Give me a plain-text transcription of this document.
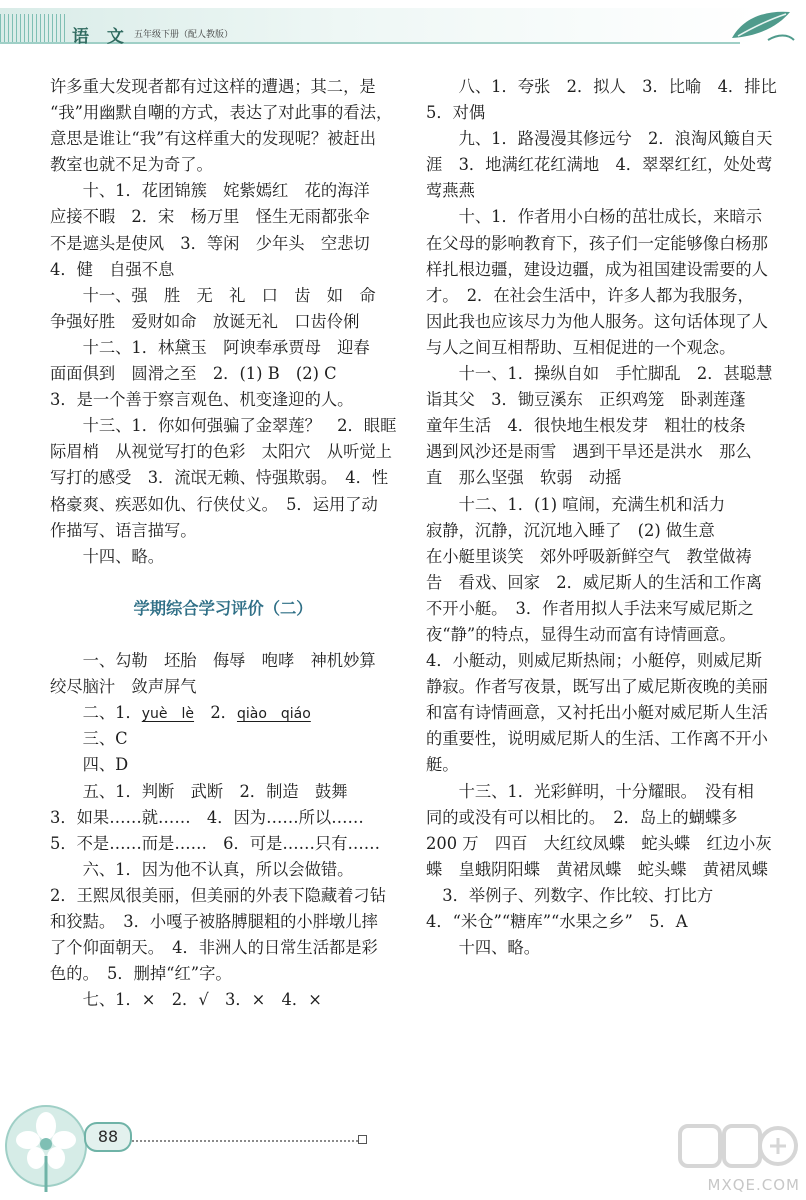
语 文 五年级下册（配人教版）
许多重大发现者都有过这样的遭遇；其二，是
“我”用幽默自嘲的方式，表达了对此事的看法，
意思是谁让“我”有这样重大的发现呢？被赶出
教室也就不足为奇了。
　　十、1．花团锦簇　姹紫嫣红　花的海洋
应接不暇　2．宋　杨万里　怪生无雨都张伞
不是遮头是使风　3．等闲　少年头　空悲切
4．健　自强不息
　　十一、强　胜　无　礼　口　齿　如　命
争强好胜　爱财如命　放诞无礼　口齿伶俐
　　十二、1．林黛玉　阿谀奉承贾母　迎春
面面俱到　圆滑之至　2．(1) B　(2) C
3．是一个善于察言观色、机变逢迎的人。
　　十三、1．你如何强骗了金翠莲？　2．眼眶
际眉梢　从视觉写打的色彩　太阳穴　从听觉上
写打的感受　3．流氓无赖、恃强欺弱。　4．性
格豪爽、疾恶如仇、行侠仗义。　5．运用了动
作描写、语言描写。
　　十四、略。
学期综合学习评价（二）
　　一、勾勒　坯胎　侮辱　咆哮　神机妙算
绞尽脑汁　敛声屏气
　　二、1．yuè　lè　2．qiào　qiáo
　　三、C
　　四、D
　　五、1．判断　武断　2．制造　鼓舞
3．如果……就……　4．因为……所以……
5．不是……而是……　6．可是……只有……
　　六、1．因为他不认真，所以会做错。
2．王熙凤很美丽，但美丽的外表下隐藏着刁钻
和狡黠。　3．小嘎子被胳膊腿粗的小胖墩儿摔
了个仰面朝天。　4．非洲人的日常生活都是彩
色的。　5．删掉“红”字。
　　七、1．×　2．√　3．×　4．×
　　八、1．夸张　2．拟人　3．比喻　4．排比
5．对偶
　　九、1．路漫漫其修远兮　2．浪淘风簸自天
涯　3．地满红花红满地　4．翠翠红红，处处莺
莺燕燕
　　十、1．作者用小白杨的茁壮成长，来暗示
在父母的影响教育下，孩子们一定能够像白杨那
样扎根边疆，建设边疆，成为祖国建设需要的人
才。　2．在社会生活中，许多人都为我服务，
因此我也应该尽力为他人服务。这句话体现了人
与人之间互相帮助、互相促进的一个观念。
　　十一、1．操纵自如　手忙脚乱　2．甚聪慧
诣其父　3．锄豆溪东　正织鸡笼　卧剥莲蓬
童年生活　4．很快地生根发芽　粗壮的枝条
遇到风沙还是雨雪　遇到干旱还是洪水　那么
直　那么坚强　软弱　动摇
　　十二、1．(1) 喧闹，充满生机和活力
寂静，沉静，沉沉地入睡了　(2) 做生意
在小艇里谈笑　郊外呼吸新鲜空气　教堂做祷
告　看戏、回家　2．威尼斯人的生活和工作离
不开小艇。　3．作者用拟人手法来写威尼斯之
夜“静”的特点，显得生动而富有诗情画意。
4．小艇动，则威尼斯热闹；小艇停，则威尼斯
静寂。作者写夜景，既写出了威尼斯夜晚的美丽
和富有诗情画意，又衬托出小艇对威尼斯人生活
的重要性，说明威尼斯人的生活、工作离不开小
艇。
　　十三、1．光彩鲜明，十分耀眼。　没有相
同的或没有可以相比的。　2．岛上的蝴蝶多
200 万　四百　大红纹凤蝶　蛇头蝶　红边小灰
蝶　皇蛾阴阳蝶　黄裙凤蝶　蛇头蝶　黄裙凤蝶
　3．举例子、列数字、作比较、打比方
4．“米仓”“糖库”“水果之乡”　5．A
　　十四、略。
88
MXQE.COM
